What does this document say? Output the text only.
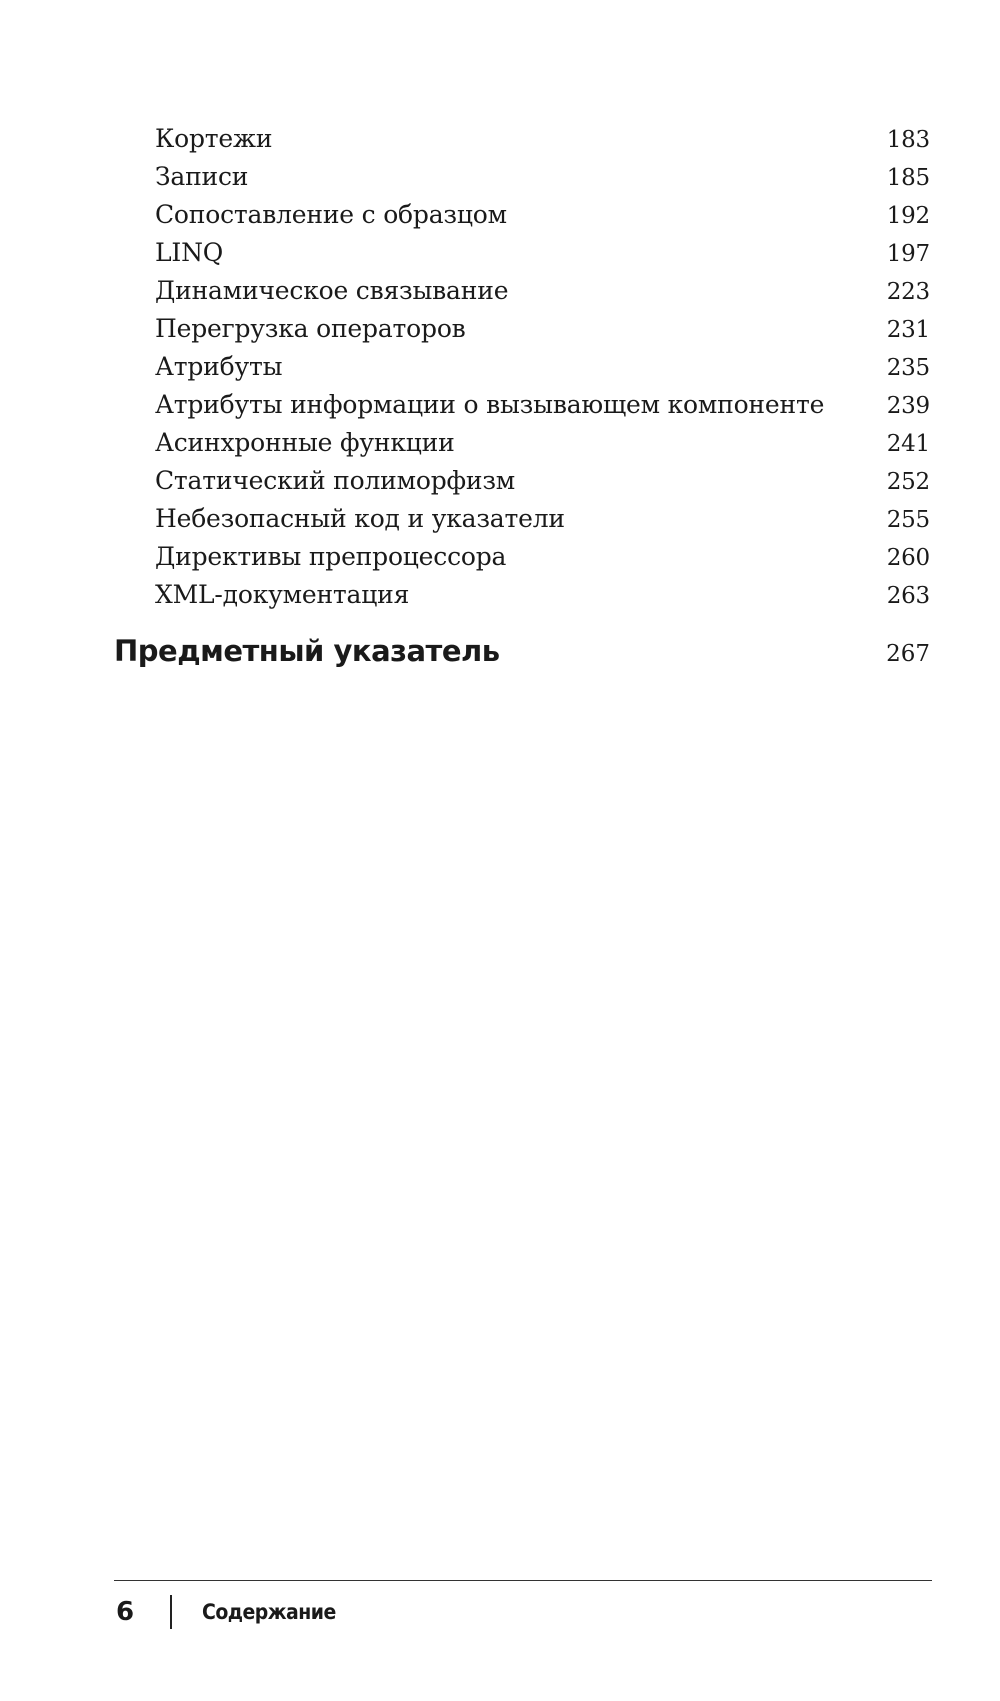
Кортежи	183
Записи	185
Сопоставление с образцом	192
LINQ	197
Динамическое связывание	223
Перегрузка операторов	231
Атрибуты	235
Атрибуты информации о вызывающем компоненте	239
Асинхронные функции	241
Статический полиморфизм	252
Небезопасный код и указатели	255
Директивы препроцессора	260
XML-документация	263
Предметный указатель	267
6	Содержание
